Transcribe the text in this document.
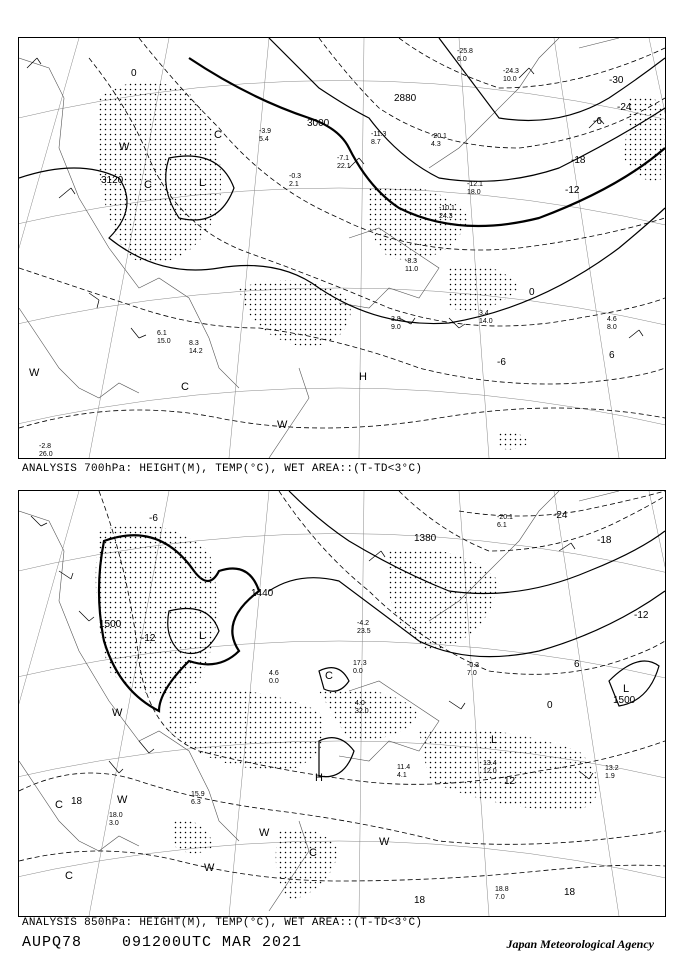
3120
3000
2880
0
0
-6
-12
-18
-24
-30
-6
6
L
C
W
C
W
C
H
W
-3.9
5.4
-0.3
2.1
-7.1
22.1
-11.3
8.7
-20.1
4.3
-10.1
24.3
-12.1
18.0
-8.3
11.0
3.8
9.0
3.4
14.0
6.1
15.0	8.3
14.2
4.6
8.0
-2.8
26.0
-25.8
6.0
-24.3
10.0
ANALYSIS 700hPa: HEIGHT(M), TEMP(°C), WET AREA::(T-TD<3°C)
1500
1440
1380
1500
-12
-18
-24
-12
6
0
12
18
18
18
-6
L
L
L
C
W
W
C
W
C
W
W
C
H
4.0
32.0
-4.2
23.5
11.4
4.1
13.4
12.0	13.2
1.9
15.9
6.3
18.0
3.0
18.8
7.0
-20.1
6.1
-0.3
7.0
4.6
0.0
17.3
0.0
ANALYSIS 850hPa: HEIGHT(M), TEMP(°C), WET AREA::(T-TD<3°C)
AUPQ78	091200UTC MAR 2021	Japan Meteorological Agency
